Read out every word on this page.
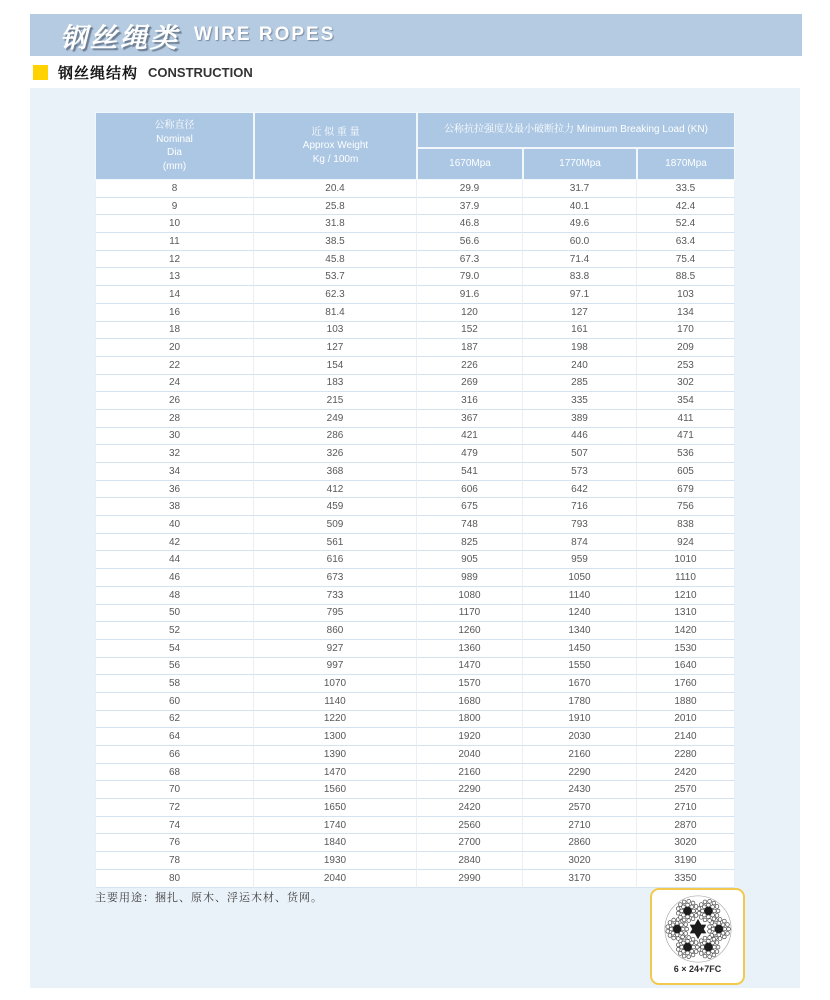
钢丝绳类 WIRE ROPES
钢丝绳结构 CONSTRUCTION
公称直径
Nominal
Dia
(mm)

近 似 重 量
Approx Weight
Kg / 100m
	公称抗拉强度及最小破断拉力 Minimum Breaking Load (KN)
		1670Mpa	1770Mpa	1870Mpa
8	20.4	29.9	31.7	33.5
9	25.8	37.9	40.1	42.4
10	31.8	46.8	49.6	52.4
11	38.5	56.6	60.0	63.4
12	45.8	67.3	71.4	75.4
13	53.7	79.0	83.8	88.5
14	62.3	91.6	97.1	103
16	81.4	120	127	134
18	103	152	161	170
20	127	187	198	209
22	154	226	240	253
24	183	269	285	302
26	215	316	335	354
28	249	367	389	411
30	286	421	446	471
32	326	479	507	536
34	368	541	573	605
36	412	606	642	679
38	459	675	716	756
40	509	748	793	838
42	561	825	874	924
44	616	905	959	1010
46	673	989	1050	1110
48	733	1080	1140	1210
50	795	1170	1240	1310
52	860	1260	1340	1420
54	927	1360	1450	1530
56	997	1470	1550	1640
58	1070	1570	1670	1760
60	1140	1680	1780	1880
62	1220	1800	1910	2010
64	1300	1920	2030	2140
66	1390	2040	2160	2280
68	1470	2160	2290	2420
70	1560	2290	2430	2570
72	1650	2420	2570	2710
74	1740	2560	2710	2870
76	1840	2700	2860	3020
78	1930	2840	3020	3190
80	2040	2990	3170	3350
主要用途：捆扎、原木、浮运木材、货网。
6 × 24+7FC
